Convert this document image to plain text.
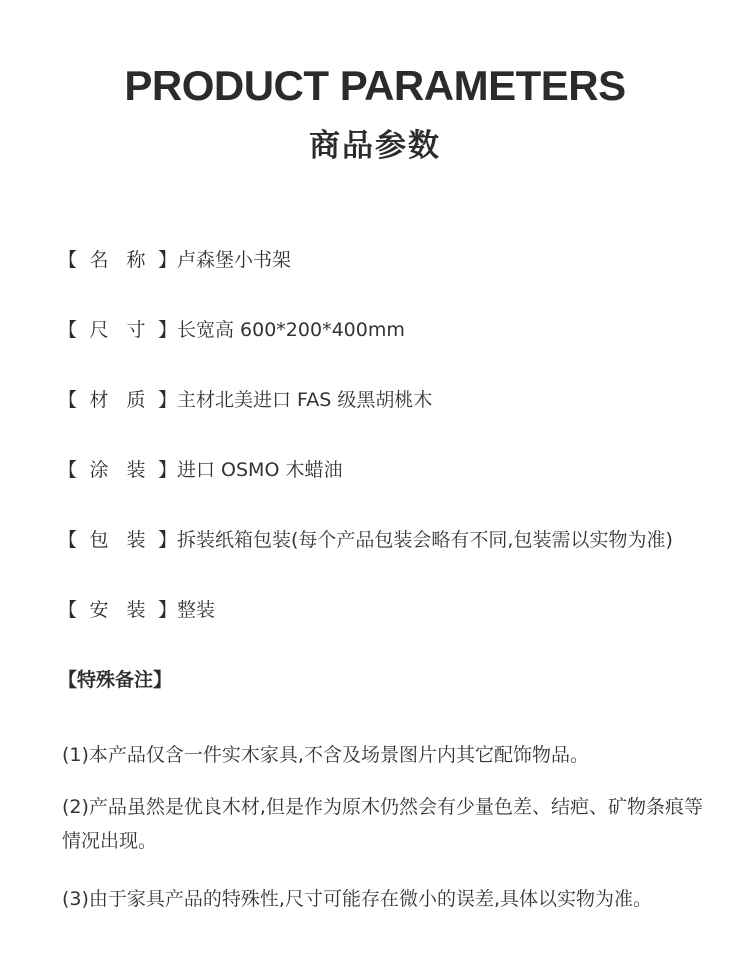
PRODUCT PARAMETERS
商品参数
【 名 称 】 卢森堡小书架
【 尺 寸 】 长宽高 600*200*400mm
【 材 质 】 主材北美进口 FAS 级黑胡桃木
【 涂 装 】 进口 OSMO 木蜡油
【 包 装 】 拆装纸箱包装(每个产品包装会略有不同,包装需以实物为准)
【 安 装 】 整装
【特殊备注】
(1)本产品仅含一件实木家具,不含及场景图片内其它配饰物品。
(2)产品虽然是优良木材,但是作为原木仍然会有少量色差、结疤、矿物条痕等情况出现。
(3)由于家具产品的特殊性,尺寸可能存在微小的误差,具体以实物为准。
